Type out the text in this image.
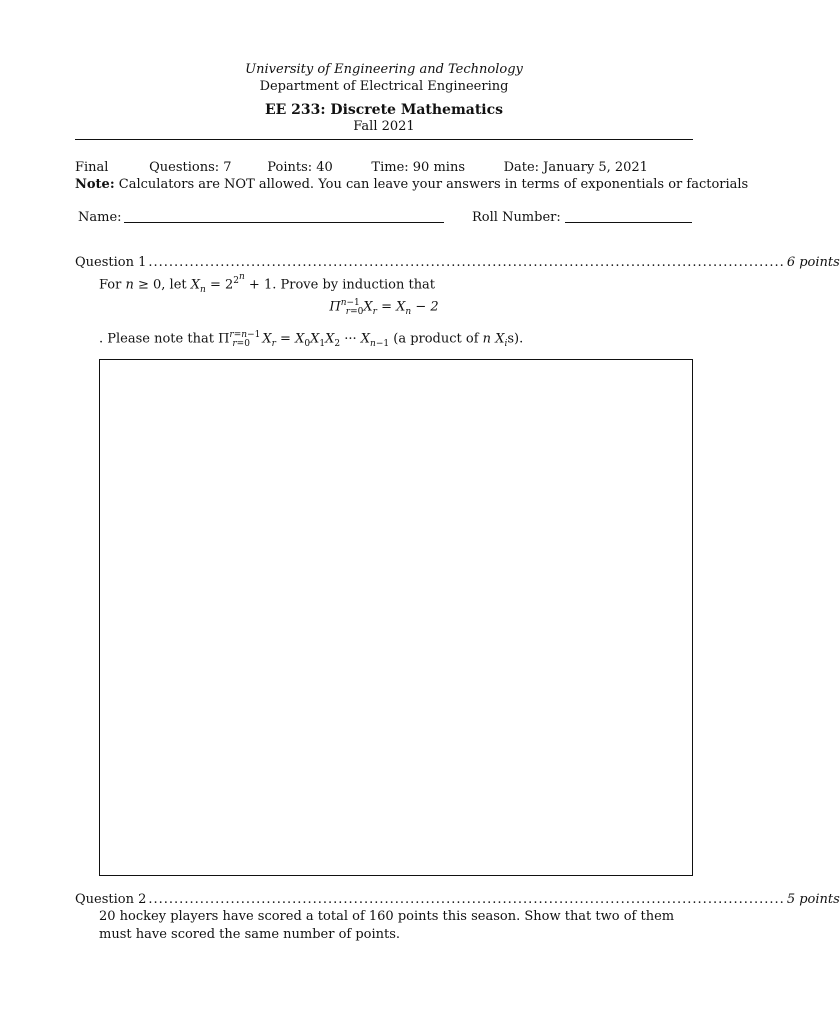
University of Engineering and Technology
Department of Electrical Engineering
EE 233: Discrete Mathematics
Fall 2021
Final	Questions: 7	Points: 40	Time: 90 mins	Date: January 5, 2021
Note: Calculators are NOT allowed. You can leave your answers in terms of exponentials or factorials
Name:	Roll Number:
Question 1 ............................................................................................................................ 6 points
For n ≥ 0, let $X_n = 2^{2^n} + 1$. Prove by induction that
$\Pi^{n-1}_{r=0}X_r = X_n - 2$
. Please note that $\Pi^{r=n-1}_{r=0}$ $X_r = X_0X_1X_2$ ··· $X_{n-1}$ (a product of n $X_is$).
Question 2 ............................................................................................................................ 5 points
20 hockey players have scored a total of 160 points this season. Show that two of them must have scored the same number of points.
